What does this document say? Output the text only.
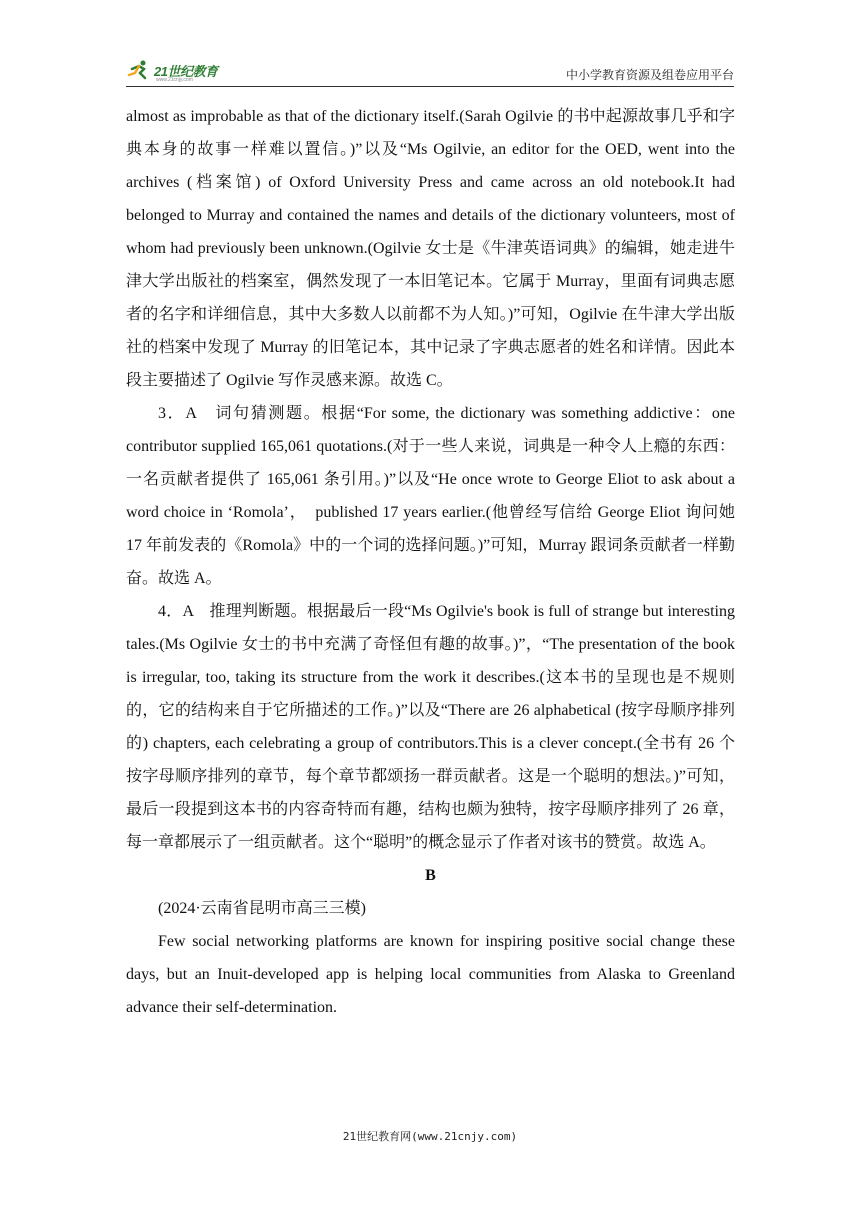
21世纪教育
www.21cnjy.com	中小学教育资源及组卷应用平台

almost as improbable as that of the dictionary itself.(Sarah Ogilvie 的书中起源故事几乎和字典本身的故事一样难以置信。)”以及“Ms Ogilvie, an editor for the OED, went into the archives (档案馆) of Oxford University Press and came across an old notebook.It had belonged to Murray and contained the names and details of the dictionary volunteers, most of whom had previously been unknown.(Ogilvie 女士是《牛津英语词典》的编辑，她走进牛津大学出版社的档案室，偶然发现了一本旧笔记本。它属于 Murray，里面有词典志愿者的名字和详细信息，其中大多数人以前都不为人知。)”可知，Ogilvie 在牛津大学出版社的档案中发现了 Murray 的旧笔记本，其中记录了字典志愿者的姓名和详情。因此本段主要描述了 Ogilvie 写作灵感来源。故选 C。

3．A　词句猜测题。根据“For some, the dictionary was something addictive：one contributor supplied 165,061 quotations.(对于一些人来说，词典是一种令人上瘾的东西：一名贡献者提供了 165,061 条引用。)”以及“He once wrote to George Eliot to ask about a word choice in ‘Romola’，　published 17 years earlier.(他曾经写信给 George Eliot 询问她 17 年前发表的《Romola》中的一个词的选择问题。)”可知，Murray 跟词条贡献者一样勤奋。故选 A。

4．A　推理判断题。根据最后一段“Ms Ogilvie's book is full of strange but interesting tales.(Ms Ogilvie 女士的书中充满了奇怪但有趣的故事。)”，“The presentation of the book is irregular, too, taking its structure from the work it describes.(这本书的呈现也是不规则的，它的结构来自于它所描述的工作。)”以及“There are 26 alphabetical (按字母顺序排列的) chapters, each celebrating a group of contributors.This is a clever concept.(全书有 26 个按字母顺序排列的章节，每个章节都颂扬一群贡献者。这是一个聪明的想法。)”可知，最后一段提到这本书的内容奇特而有趣，结构也颇为独特，按字母顺序排列了 26 章，每一章都展示了一组贡献者。这个“聪明”的概念显示了作者对该书的赞赏。故选 A。

B

(2024·云南省昆明市高三三模)

Few social networking platforms are known for inspiring positive social change these days, but an Inuit-developed app is helping local communities from Alaska to Greenland advance their self-determination.

21世纪教育网(www.21cnjy.com)
